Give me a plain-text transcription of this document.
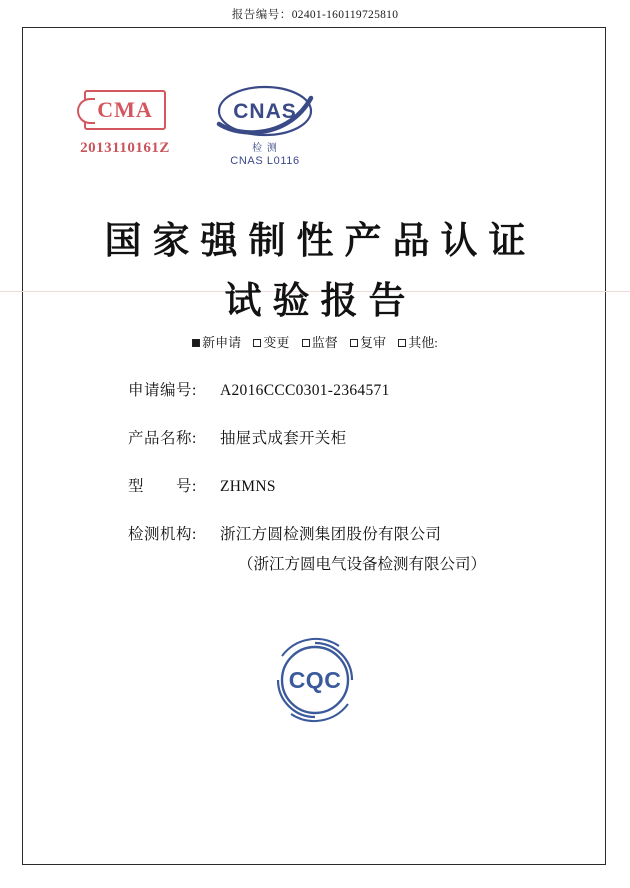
报告编号：02401-160119725810
CMA
2013110161Z
CNAS
检 测
CNAS L0116
国家强制性产品认证
试验报告
新申请 变更 监督 复审 其他:
申请编号:	A2016CCC0301-2364571
产品名称:	抽屉式成套开关柜
型　　号:	ZHMNS
检测机构:	浙江方圆检测集团股份有限公司
（浙江方圆电气设备检测有限公司）
CQC
